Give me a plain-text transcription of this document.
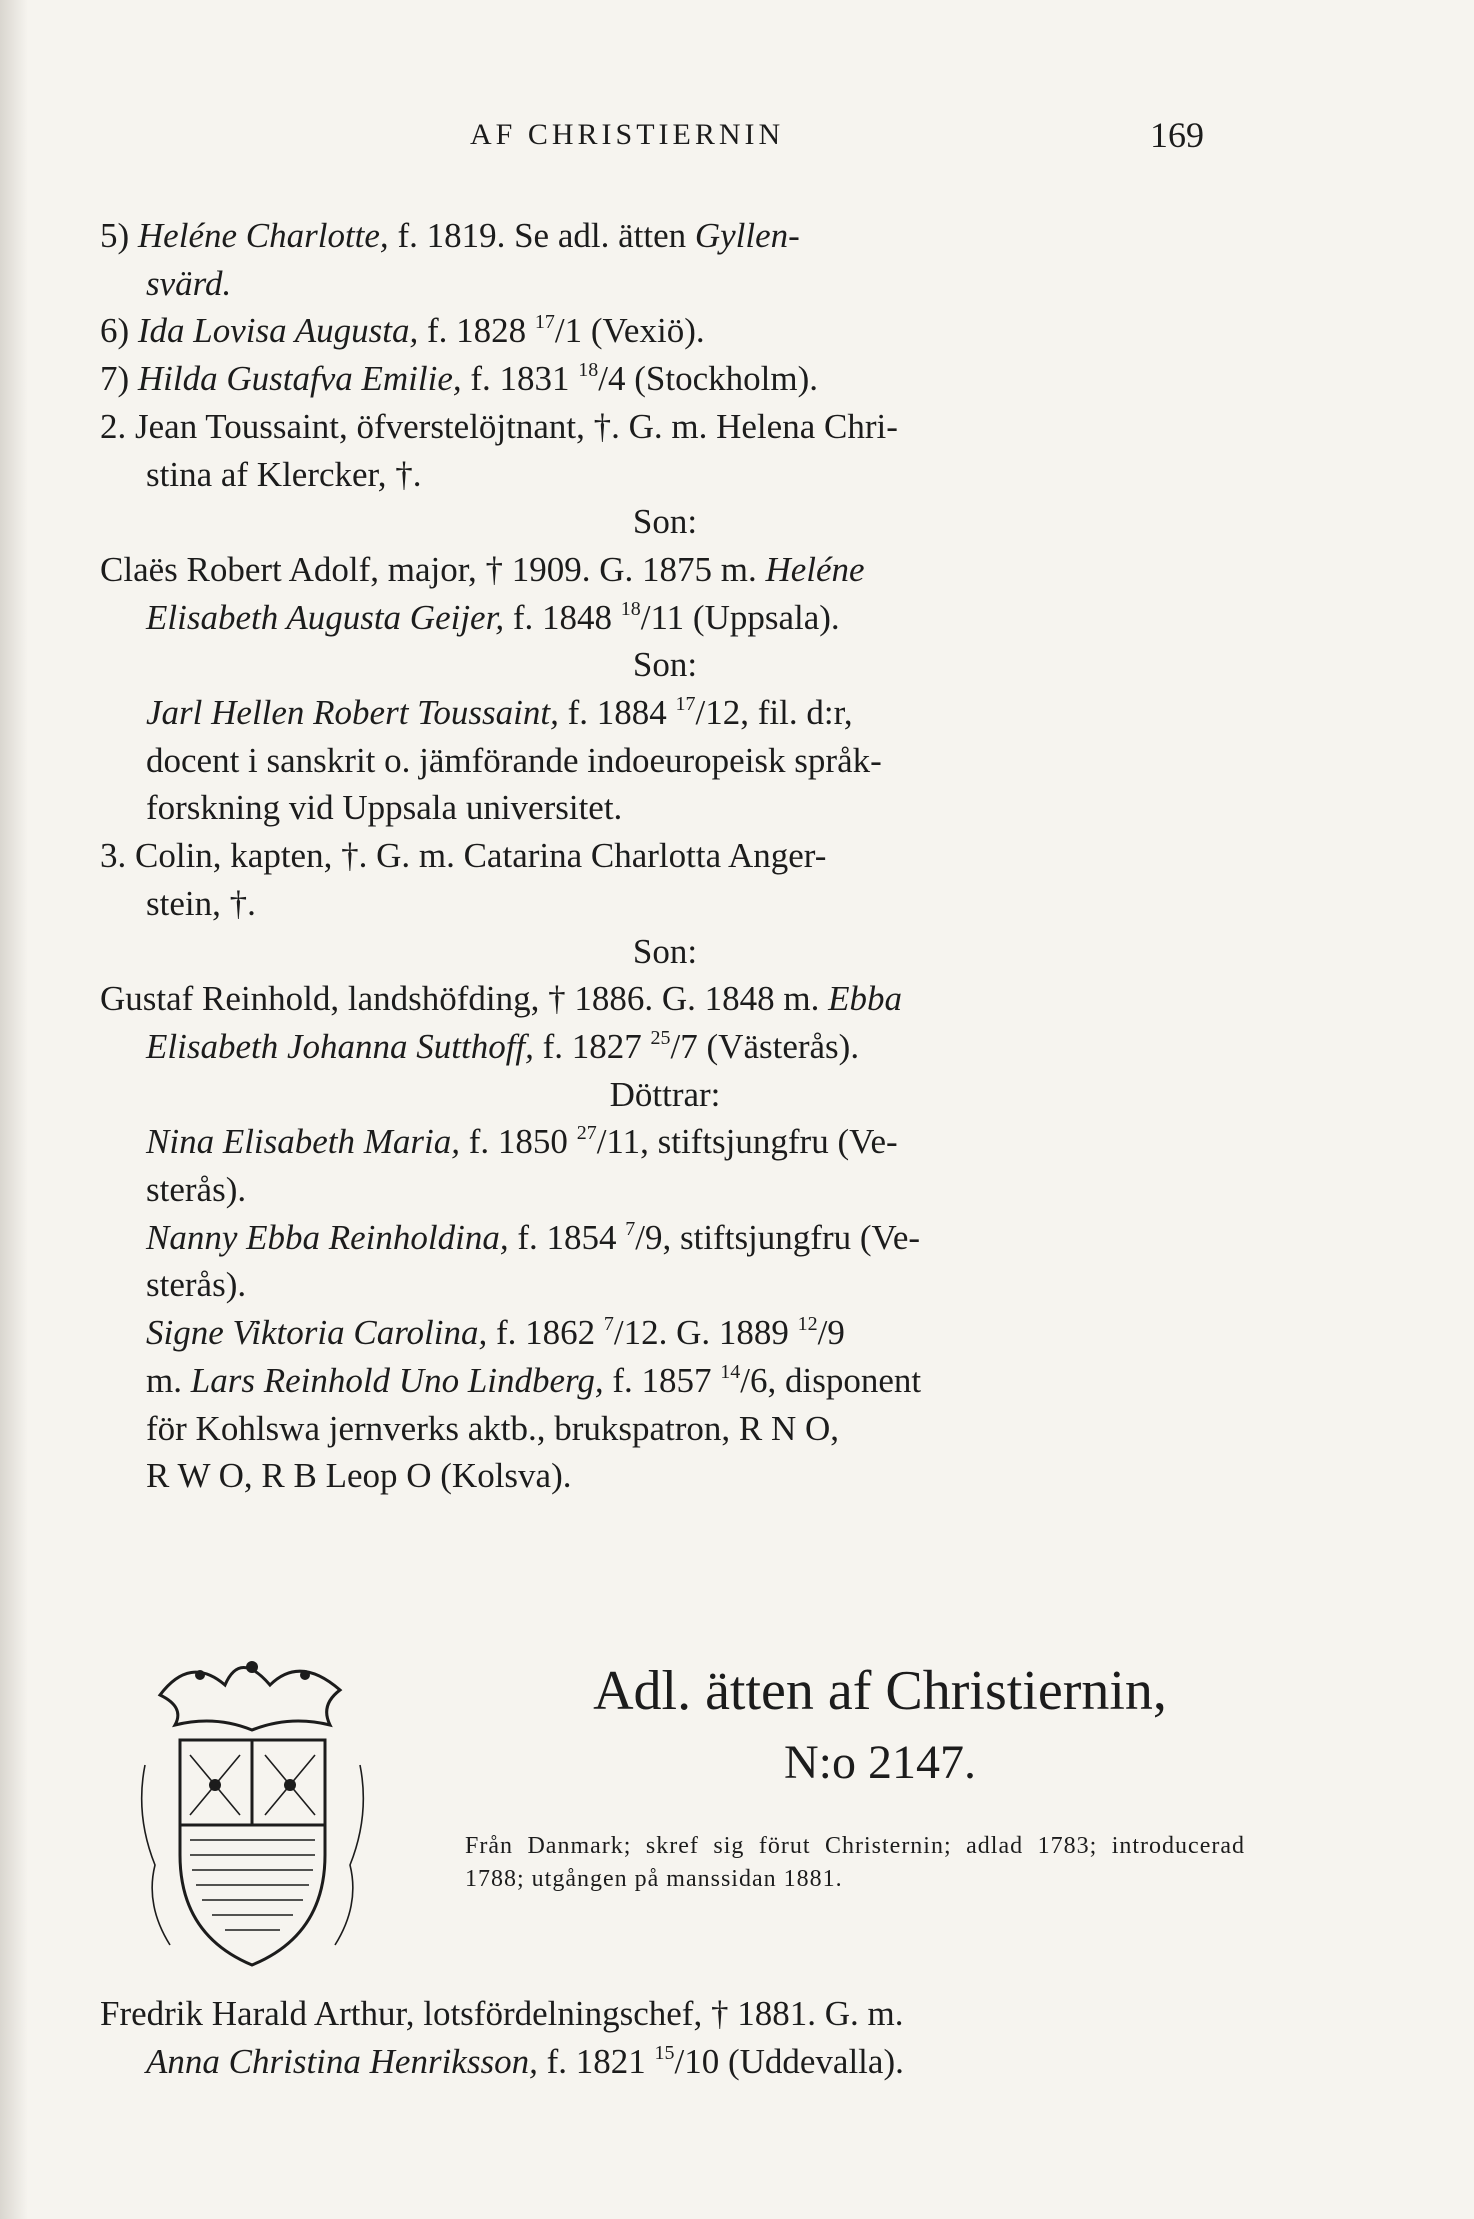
AF CHRISTIERNIN	169
5) Heléne Charlotte, f. 1819. Se adl. ätten Gyllen-
svärd.
6) Ida Lovisa Augusta, f. 1828 $^{17}$/1 (Vexiö).
7) Hilda Gustafva Emilie, f. 1831 $^{18}$/4 (Stockholm).
2. Jean Toussaint, öfverstelöjtnant, †. G. m. Helena Chri-
stina af Klercker, †.
Son:
Claës Robert Adolf, major, † 1909. G. 1875 m. Heléne
Elisabeth Augusta Geijer, f. 1848 $^{18}$/11 (Uppsala).
Son:
Jarl Hellen Robert Toussaint, f. 1884 $^{17}$/12, fil. d:r,
docent i sanskrit o. jämförande indoeuropeisk språk-
forskning vid Uppsala universitet.
3. Colin, kapten, †. G. m. Catarina Charlotta Anger-
stein, †.
Son:
Gustaf Reinhold, landshöfding, † 1886. G. 1848 m. Ebba
Elisabeth Johanna Sutthoff, f. 1827 $^{25}$/7 (Västerås).
Döttrar:
Nina Elisabeth Maria, f. 1850 $^{27}$/11, stiftsjungfru (Ve-
sterås).
Nanny Ebba Reinholdina, f. 1854 $^7$/9, stiftsjungfru (Ve-
sterås).
Signe Viktoria Carolina, f. 1862 $^7$/12. G. 1889 $^{12}$/9
m. Lars Reinhold Uno Lindberg, f. 1857 $^{14}$/6, disponent
för Kohlswa jernverks aktb., brukspatron, R N O,
R W O, R B Leop O (Kolsva).
Adl. ätten af Christiernin,
N:o 2147.
Från Danmark; skref sig förut Christernin; adlad 1783; introducerad 1788; utgången på manssidan 1881.
Fredrik Harald Arthur, lotsfördelningschef, † 1881. G. m.
Anna Christina Henriksson, f. 1821 $^{15}$/10 (Uddevalla).
